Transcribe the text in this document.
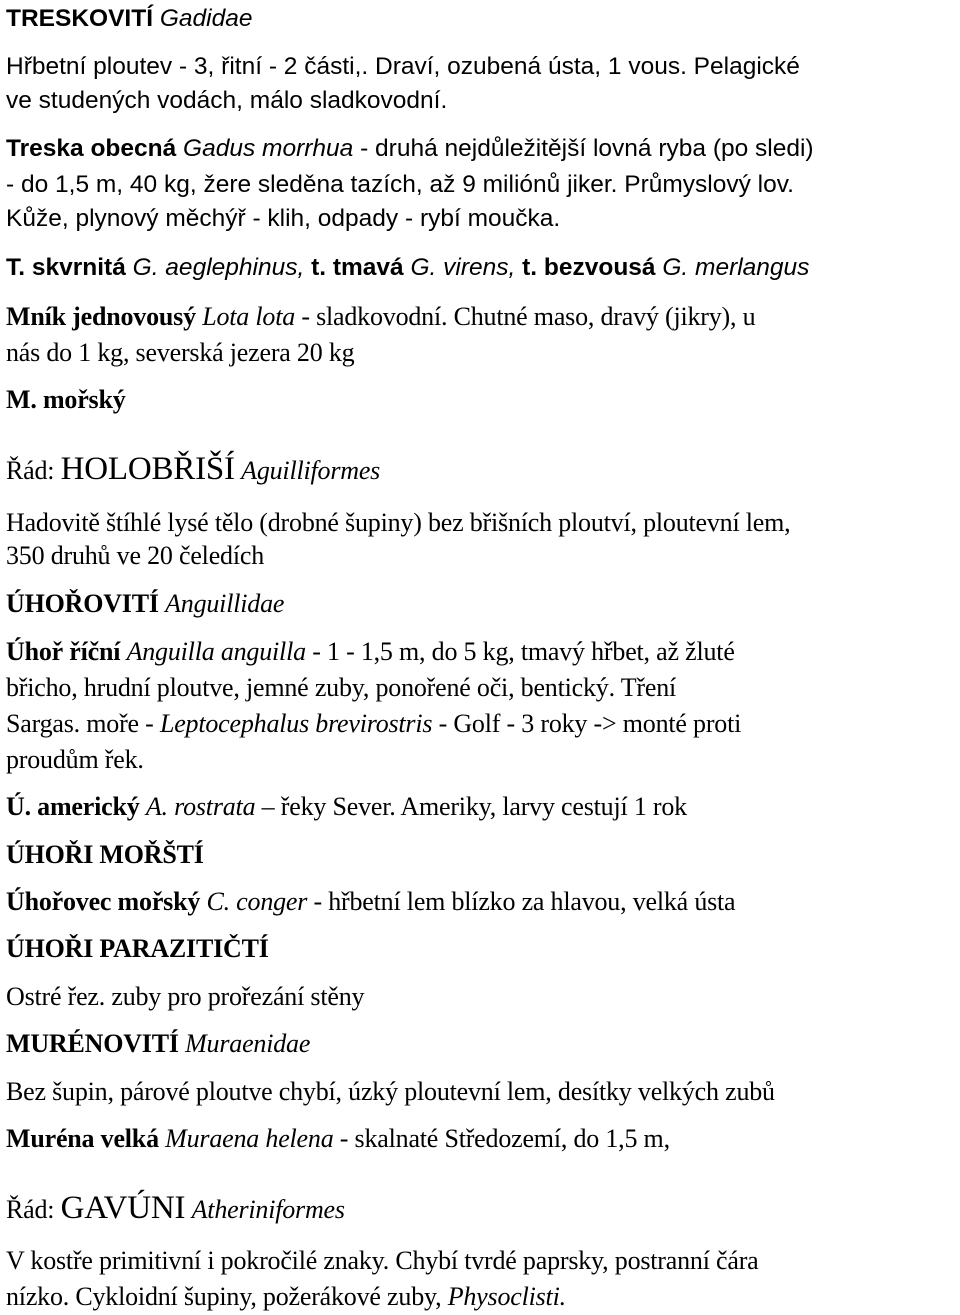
TRESKOVITÍ Gadidae
Hřbetní ploutev - 3, řitní - 2 části,. Draví, ozubená ústa, 1 vous. Pelagické
ve studených vodách, málo sladkovodní.
Treska obecná Gadus morrhua - druhá nejdůležitější lovná ryba (po sledi)
- do 1,5 m, 40 kg, žere sleděna tazích, až 9 miliónů jiker. Průmyslový lov.
Kůže, plynový měchýř - klih, odpady - rybí moučka.
T. skvrnitá G. aeglephinus, t. tmavá G. virens, t. bezvousá G. merlangus
Mník jednovousý Lota lota - sladkovodní. Chutné maso, dravý (jikry), u
nás do 1 kg, severská jezera 20 kg
M. mořský
Řád: HOLOBŘIŠÍ Aguilliformes
Hadovitě štíhlé lysé tělo (drobné šupiny) bez břišních ploutví, ploutevní lem,
350 druhů ve 20 čeledích
ÚHOŘOVITÍ Anguillidae
Úhoř říční Anguilla anguilla - 1 - 1,5 m, do 5 kg, tmavý hřbet, až žluté
břicho, hrudní ploutve, jemné zuby, ponořené oči, bentický. Tření
Sargas. moře - Leptocephalus brevirostris - Golf - 3 roky -> monté proti
proudům řek.
Ú. americký A. rostrata – řeky Sever. Ameriky, larvy cestují 1 rok
ÚHOŘI MOŘŠTÍ
Úhořovec mořský C. conger - hřbetní lem blízko za hlavou, velká ústa
ÚHOŘI PARAZITIČTÍ
Ostré řez. zuby pro prořezání stěny
MURÉNOVITÍ Muraenidae
Bez šupin, párové ploutve chybí, úzký ploutevní lem, desítky velkých zubů
Muréna velká Muraena helena - skalnaté Středozemí, do 1,5 m,
Řád: GAVÚNI Atheriniformes
V kostře primitivní i pokročilé znaky. Chybí tvrdé paprsky, postranní čára
nízko. Cykloidní šupiny, požerákové zuby, Physoclisti.
